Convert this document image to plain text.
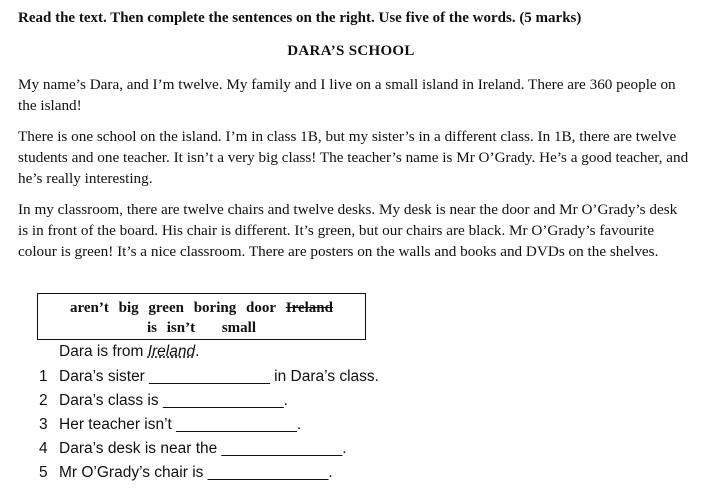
Read the text. Then complete the sentences on the right. Use five of the words. (5 marks)
DARA’S SCHOOL

My name’s Dara, and I’m twelve. My family and I live on a small island in Ireland. There are 360 people on the island!

There is one school on the island. I’m in class 1B, but my sister’s in a different class. In 1B, there are twelve students and one teacher. It isn’t a very big class! The teacher’s name is Mr O’Grady. He’s a good teacher, and he’s really interesting.

In my classroom, there are twelve chairs and twelve desks. My desk is near the door and Mr O’Grady’s desk is in front of the board. His chair is different. It’s green, but our chairs are black. Mr O’Grady’s favourite colour is green! It’s a nice classroom. There are posters on the walls and books and DVDs on the shelves.

aren’t big green boring door Ireland
is isn’t small
Dara is from Ireland.
1 Dara’s sister ______________ in Dara’s class.
2 Dara’s class is ______________.
3 Her teacher isn’t ______________.
4 Dara’s desk is near the ______________.
5 Mr O’Grady’s chair is ______________.
